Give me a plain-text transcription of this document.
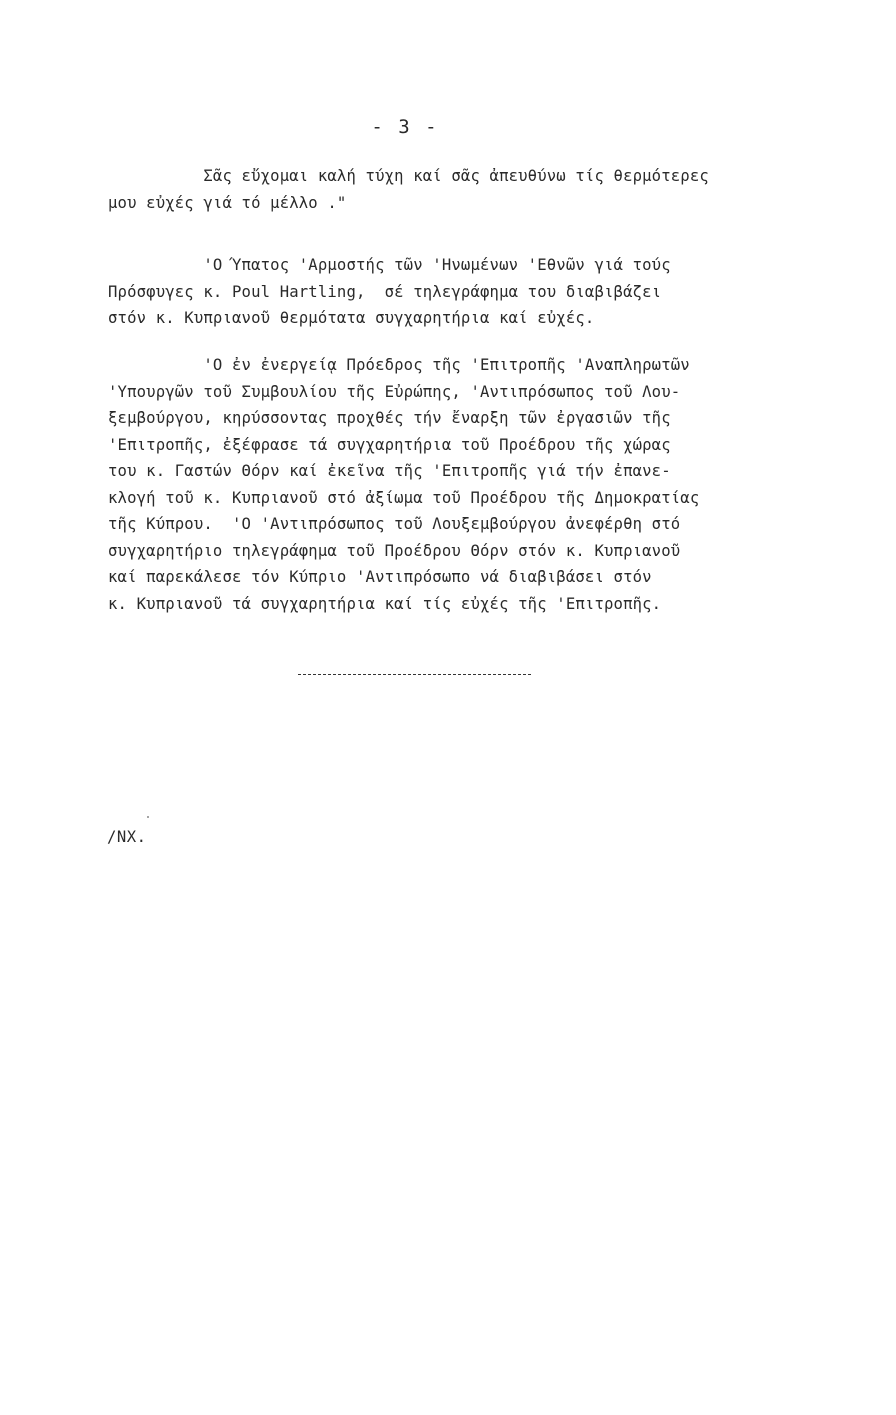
- 3 -
Σᾶς εὔχομαι καλή τύχη καί σᾶς ἀπευθύνω τίς θερμότερες
μου εὐχές γιά τό μέλλο ."
'Ο Ύπατος 'Αρμοστής τῶν 'Ηνωμένων 'Εθνῶν γιά τούς
Πρόσφυγες κ. Poul Hartling,  σέ τηλεγράφημα του διαβιβάζει
στόν κ. Κυπριανοῦ θερμότατα συγχαρητήρια καί εὐχές.
'Ο ἐν ἐνεργείᾳ Πρόεδρος τῆς 'Επιτροπῆς 'Αναπληρωτῶν
'Υπουργῶν τοῦ Συμβουλίου τῆς Εὐρώπης, 'Αντιπρόσωπος τοῦ Λου-
ξεμβούργου, κηρύσσοντας προχθές τήν ἔναρξη τῶν ἐργασιῶν τῆς
'Επιτροπῆς, ἐξέφρασε τά συγχαρητήρια τοῦ Προέδρου τῆς χώρας
του κ. Γαστών Θόρν καί ἐκεῖνα τῆς 'Επιτροπῆς γιά τήν ἐπανε-
κλογή τοῦ κ. Κυπριανοῦ στό ἀξίωμα τοῦ Προέδρου τῆς Δημοκρατίας
τῆς Κύπρου.  'Ο 'Αντιπρόσωπος τοῦ Λουξεμβούργου ἀνεφέρθη στό
συγχαρητήριο τηλεγράφημα τοῦ Προέδρου Θόρν στόν κ. Κυπριανοῦ
καί παρεκάλεσε τόν Κύπριο 'Αντιπρόσωπο νά διαβιβάσει στόν
κ. Κυπριανοῦ τά συγχαρητήρια καί τίς εὐχές τῆς 'Επιτροπῆς.
/NX.
